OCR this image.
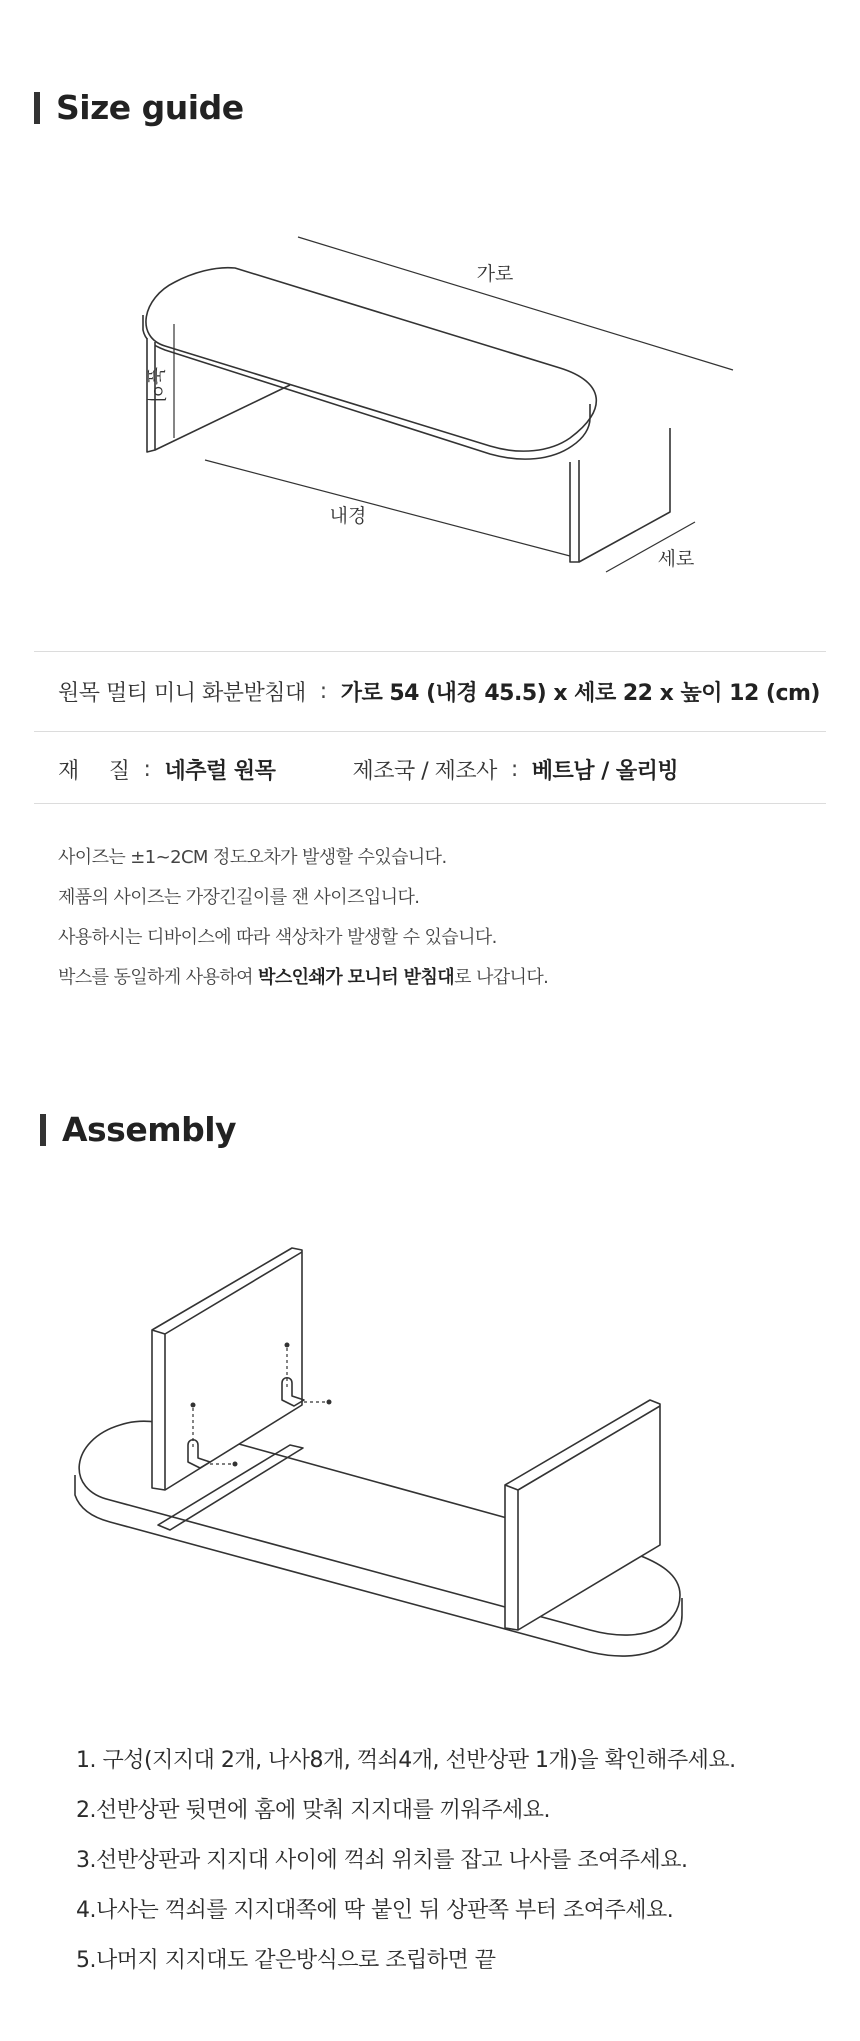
Size guide
가로
높이
내경
세로
원목 멀티 미니 화분받침대 : 가로 54 (내경 45.5) x 세로 22 x 높이 12 (cm)
재 질 : 네추럴 원목	제조국 / 제조사 : 베트남 / 올리빙
사이즈는 ±1~2CM 정도오차가 발생할 수있습니다.
제품의 사이즈는 가장긴길이를 잰 사이즈입니다.
사용하시는 디바이스에 따라 색상차가 발생할 수 있습니다.
박스를 동일하게 사용하여 박스인쇄가 모니터 받침대로 나갑니다.
Assembly
1. 구성(지지대 2개, 나사8개, 꺽쇠4개, 선반상판 1개)을 확인해주세요.
2.선반상판 뒷면에 홈에 맞춰 지지대를 끼워주세요.
3.선반상판과 지지대 사이에 꺽쇠 위치를 잡고 나사를 조여주세요.
4.나사는 꺽쇠를 지지대쪽에 딱 붙인 뒤 상판쪽 부터 조여주세요.
5.나머지 지지대도 같은방식으로 조립하면 끝
